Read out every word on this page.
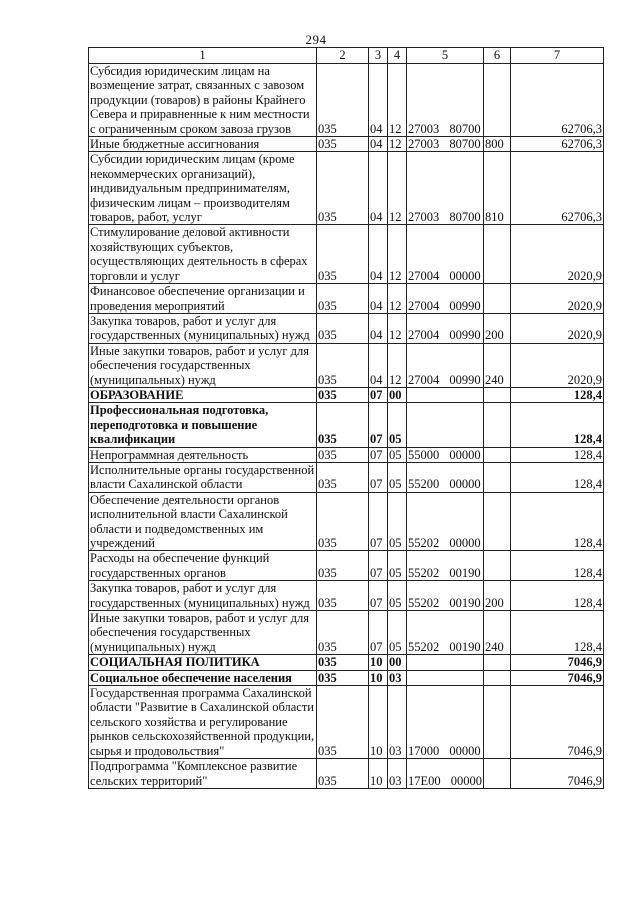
294
1	2	3	4	5	6	7
Субсидия юридическим лицам на возмещение затрат, связанных с завозом продукции (товаров) в районы Крайнего Севера и приравненные к ним местности с ограниченным сроком завоза грузов	035	04	12	27003 80700		62706,3
Иные бюджетные ассигнования	035	04	12	27003 80700	800	62706,3
Субсидии юридическим лицам (кроме некоммерческих организаций), индивидуальным предпринимателям, физическим лицам – производителям товаров, работ, услуг	035	04	12	27003 80700	810	62706,3
Стимулирование деловой активности хозяйствующих субъектов, осуществляющих деятельность в сферах торговли и услуг	035	04	12	27004 00000		2020,9
Финансовое обеспечение организации и проведения мероприятий	035	04	12	27004 00990		2020,9
Закупка товаров, работ и услуг для государственных (муниципальных) нужд	035	04	12	27004 00990	200	2020,9
Иные закупки товаров, работ и услуг для обеспечения государственных (муниципальных) нужд	035	04	12	27004 00990	240	2020,9
ОБРАЗОВАНИЕ	035	07	00			128,4
Профессиональная подготовка, переподготовка и повышение квалификации	035	07	05			128,4
Непрограммная деятельность	035	07	05	55000 00000		128,4
Исполнительные органы государственной власти Сахалинской области	035	07	05	55200 00000		128,4
Обеспечение деятельности органов исполнительной власти Сахалинской области и подведомственных им учреждений	035	07	05	55202 00000		128,4
Расходы на обеспечение функций государственных органов	035	07	05	55202 00190		128,4
Закупка товаров, работ и услуг для государственных (муниципальных) нужд	035	07	05	55202 00190	200	128,4
Иные закупки товаров, работ и услуг для обеспечения государственных (муниципальных) нужд	035	07	05	55202 00190	240	128,4
СОЦИАЛЬНАЯ ПОЛИТИКА	035	10	00			7046,9
Социальное обеспечение населения	035	10	03			7046,9
Государственная программа Сахалинской области "Развитие в Сахалинской области сельского хозяйства и регулирование рынков сельскохозяйственной продукции, сырья и продовольствия"	035	10	03	17000 00000		7046,9
Подпрограмма "Комплексное развитие сельских территорий"	035	10	03	17Е00 00000		7046,9
